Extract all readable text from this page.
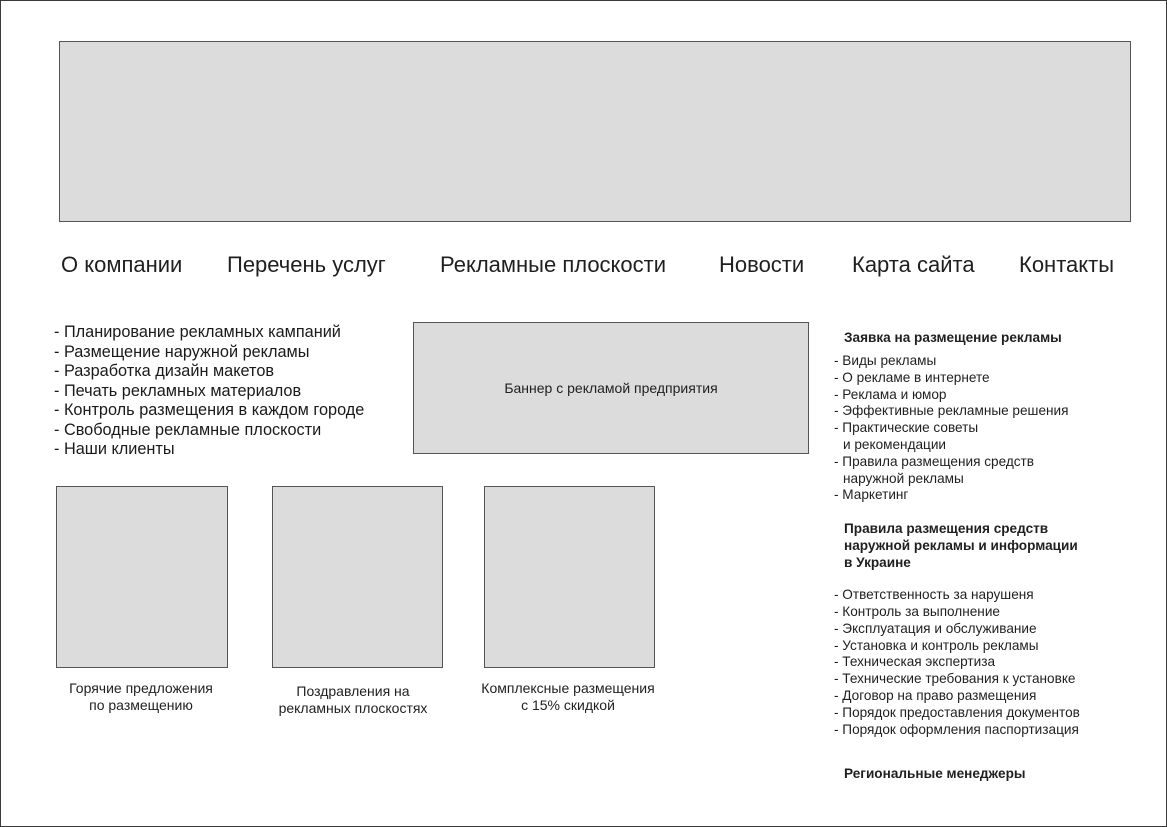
О компании Перечень услуг Рекламные плоскости Новости Карта сайта Контакты
- Планирование рекламных кампаний
- Размещение наружной рекламы
- Разработка дизайн макетов
- Печать рекламных материалов
- Контроль размещения в каждом городе
- Свободные рекламные плоскости
- Наши клиенты
Баннер с рекламой предприятия
Горячие предложения
по размещению
Поздравления на
рекламных плоскостях
Комплексные размещения
с 15% скидкой
Заявка на размещение рекламы
- Виды рекламы
- О рекламе в интернете
- Реклама и юмор
- Эффективные рекламные решения
- Практические советы
и рекомендации
- Правила размещения средств
наружной рекламы
- Маркетинг
Правила размещения средств
наружной рекламы и информации
в Украине
- Ответственность за нарушеня
- Контроль за выполнение
- Эксплуатация и обслуживание
- Установка и контроль рекламы
- Техническая экспертиза
- Технические требования к установке
- Договор на право размещения
- Порядок предоставления документов
- Порядок оформления паспортизация
Региональные менеджеры
